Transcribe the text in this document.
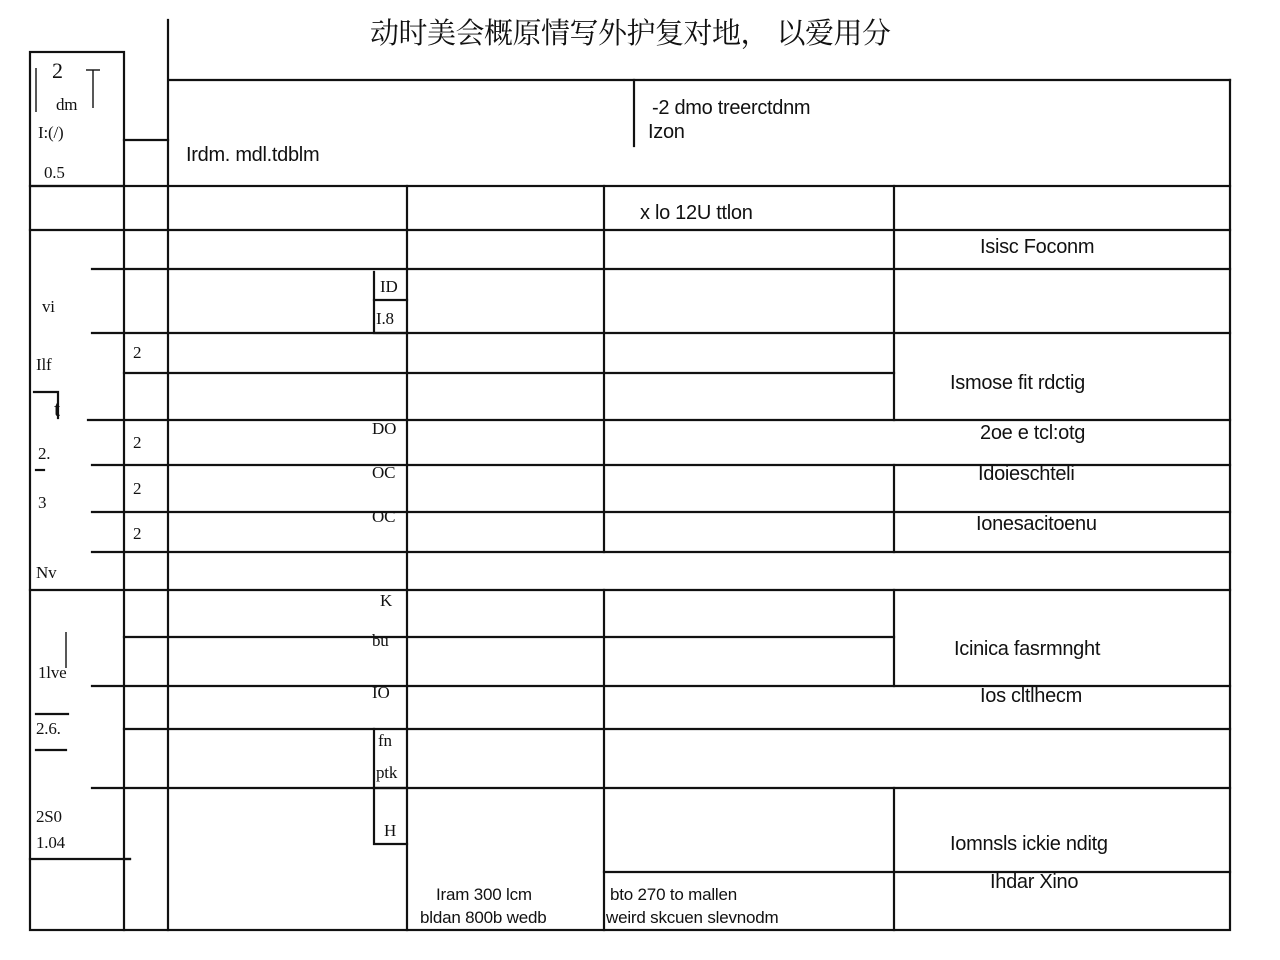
动时美会概原情写外护复对地， 以爱用分
Irdm. mdl.tdblm
-2 dmo treerctdnm
Izon
2
dm
I:(/)
0.5
x lo 12U ttlon
vi
Ilf
t
2.
3
Nv
1lve
2.6.
2S0
1.04
2
2
2
2
ID
I.8
DO
OC
OC
K
bu
IO
fn
ptk
H
Isisc Foconm
Ismose fit rdctig
2oe e tcl:otg
Idoieschteli
Ionesacitoenu
Icinica fasrmnght
Ios cltlhecm
Iomnsls ickie nditg
Ihdar Xino
Iram 300 lcm
bldan 800b wedb
bto 270 to mallen
weird skcuen slevnodm
